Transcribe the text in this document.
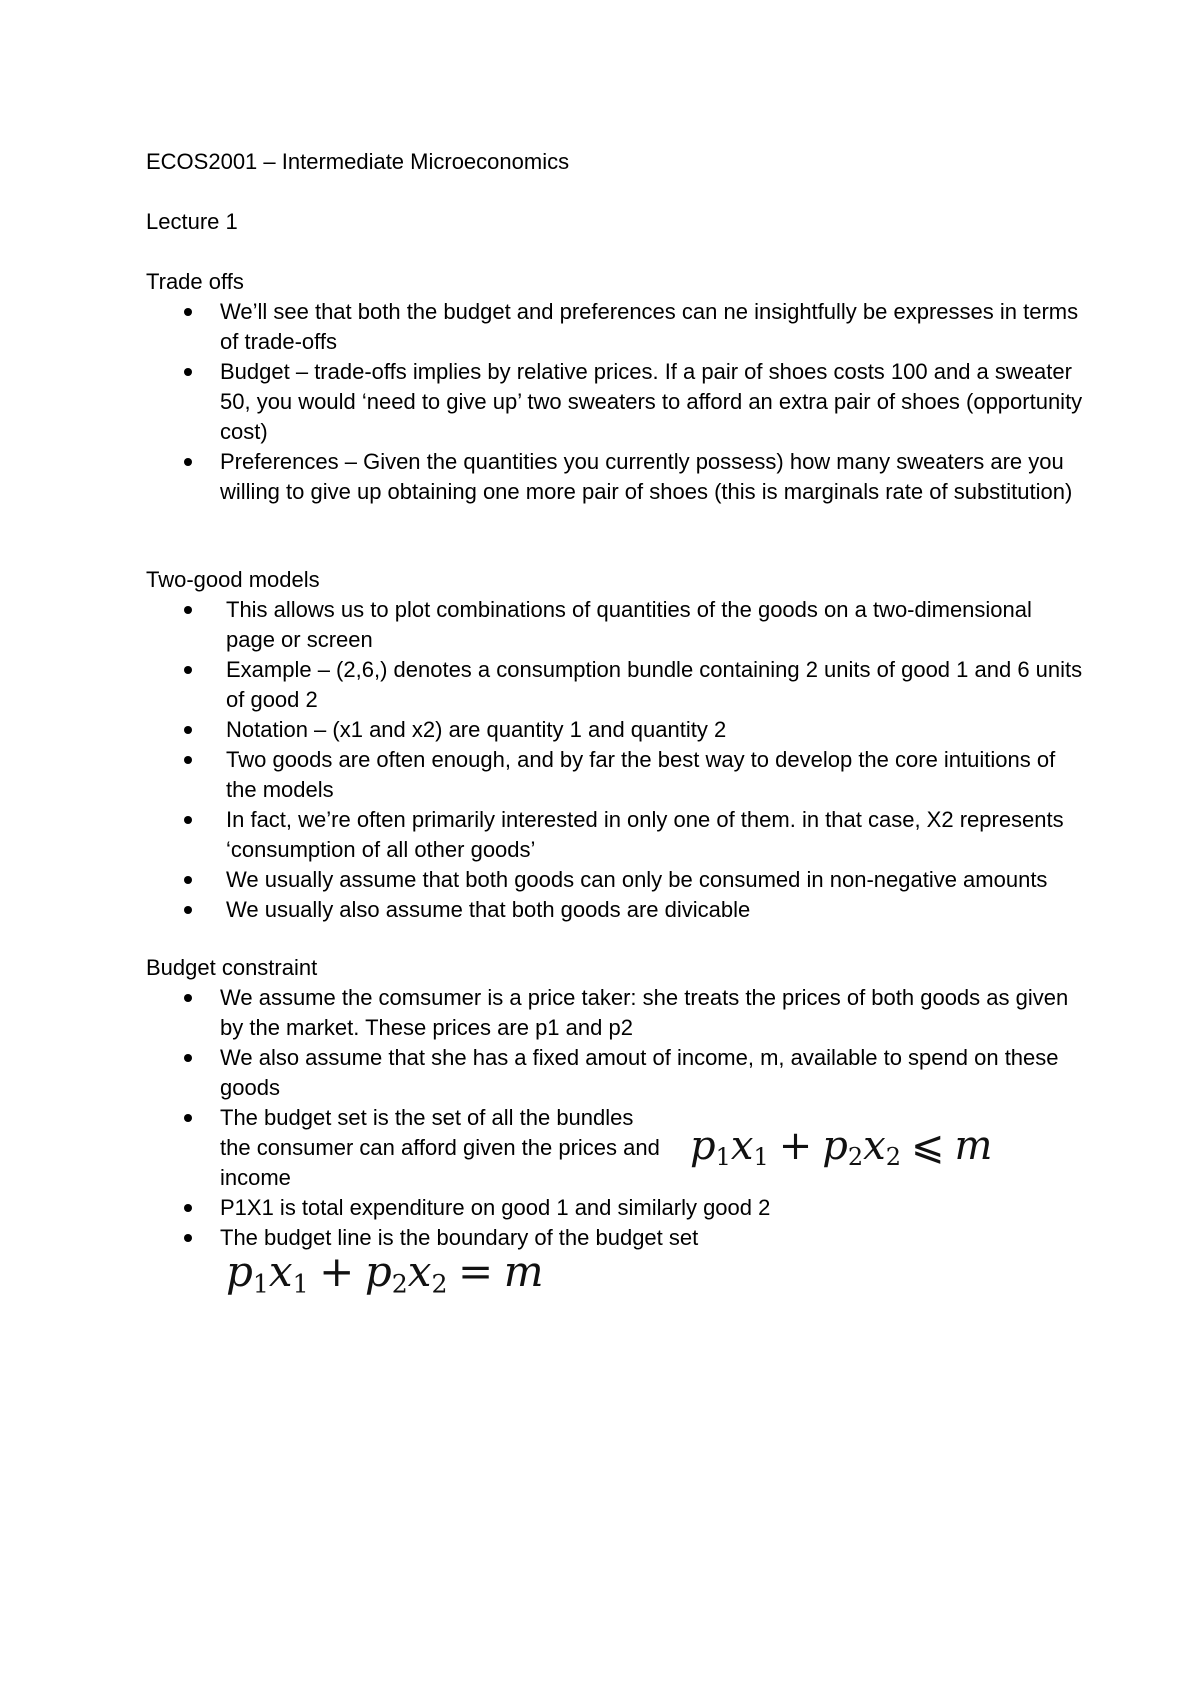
ECOS2001 – Intermediate Microeconomics
Lecture 1
Trade offs
We’ll see that both the budget and preferences can ne insightfully be expresses in terms of trade-offs
Budget – trade-offs implies by relative prices. If a pair of shoes costs 100 and a sweater 50, you would ‘need to give up’ two sweaters to afford an extra pair of shoes (opportunity cost)
Preferences – Given the quantities you currently possess) how many sweaters are you willing to give up obtaining one more pair of shoes (this is marginals rate of substitution)
Two-good models
This allows us to plot combinations of quantities of the goods on a two-dimensional page or screen
Example – (2,6,) denotes a consumption bundle containing 2 units of good 1 and 6 units of good 2
Notation – (x1 and x2) are quantity 1 and quantity 2
Two goods are often enough, and by far the best way to develop the core intuitions of the models
In fact, we’re often primarily interested in only one of them. in that case, X2 represents ‘consumption of all other goods’
We usually assume that both goods can only be consumed in non-negative amounts
We usually also assume that both goods are divicable
Budget constraint
We assume the comsumer is a price taker: she treats the prices of both goods as given by the market. These prices are p1 and p2
We also assume that she has a fixed amout of income, m, available to spend on these goods
The budget set is the set of all the bundles the consumer can afford given the prices and income
P1X1 is total expenditure on good 1 and similarly good 2
The budget line is the boundary of the budget set
$p_1x_1 + p_2x_2$ ⩽ m
$p_1x_1 + p_2x_2 = m$
